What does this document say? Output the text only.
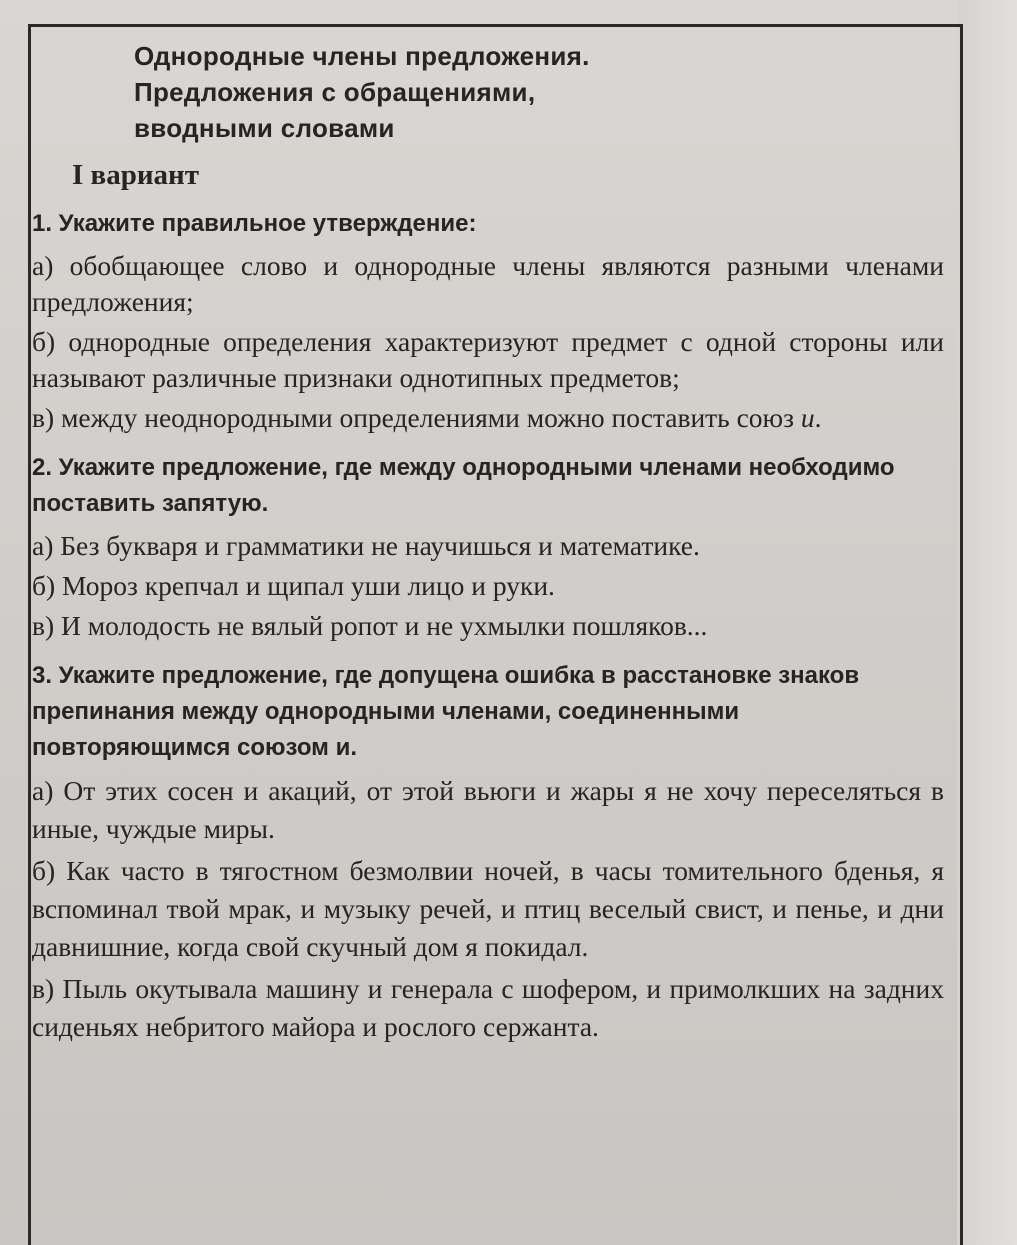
Однородные члены предложения.
Предложения с обращениями,
вводными словами
I вариант
1. Укажите правильное утверждение:
а) обобщающее слово и однородные члены являются разными членами предложения;
б) однородные определения характеризуют предмет с одной стороны или называют различные признаки однотипных предметов;
в) между неоднородными определениями можно поставить союз и.
2. Укажите предложение, где между однородными членами необходимо поставить запятую.
а) Без букваря и грамматики не научишься и математике.
б) Мороз крепчал и щипал уши лицо и руки.
в) И молодость не вялый ропот и не ухмылки пошляков...
3. Укажите предложение, где допущена ошибка в расстановке знаков препинания между однородными членами, соединенными повторяющимся союзом и.
а) От этих сосен и акаций, от этой вьюги и жары я не хочу переселяться в иные, чуждые миры.
б) Как часто в тягостном безмолвии ночей, в часы томительного бденья, я вспоминал твой мрак, и музыку речей, и птиц веселый свист, и пенье, и дни давнишние, когда свой скучный дом я покидал.
в) Пыль окутывала машину и генерала с шофером, и примолкших на задних сиденьях небритого майора и рослого сержанта.
